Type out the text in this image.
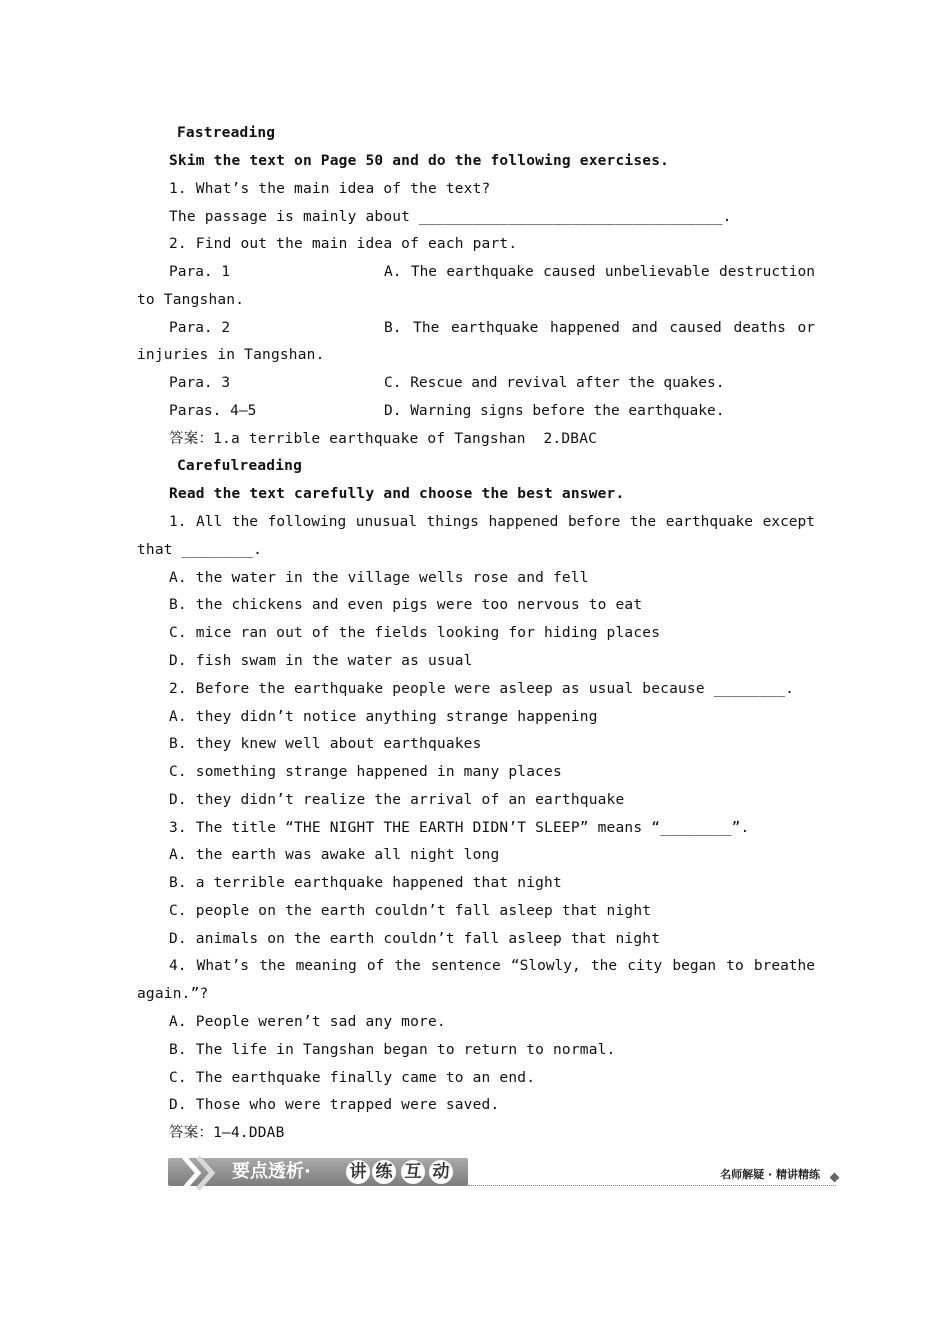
Fastreading
Skim the text on Page 50 and do the following exercises.
1. What’s the main idea of the text?
The passage is mainly about __________________________________.
2. Find out the main idea of each part.
Para. 1	A. The earthquake caused unbelievable destruction
to Tangshan.
Para. 2	B. The earthquake happened and caused deaths or
injuries in Tangshan.
Para. 3	C. Rescue and revival after the quakes.
Paras. 4—5	D. Warning signs before the earthquake.
答案：1.a terrible earthquake of Tangshan  2.DBAC
Carefulreading
Read the text carefully and choose the best answer.
1. All the following unusual things happened before the earthquake except
that ________.
A. the water in the village wells rose and fell
B. the chickens and even pigs were too nervous to eat
C. mice ran out of the fields looking for hiding places
D. fish swam in the water as usual
2. Before the earthquake people were asleep as usual because ________.
A. they didn’t notice anything strange happening
B. they knew well about earthquakes
C. something strange happened in many places
D. they didn’t realize the arrival of an earthquake
3. The title “THE NIGHT THE EARTH DIDN’T SLEEP” means “________”.
A. the earth was awake all night long
B. a terrible earthquake happened that night
C. people on the earth couldn’t fall asleep that night
D. animals on the earth couldn’t fall asleep that night
4. What’s the meaning of the sentence “Slowly, the city began to breathe
again.”?
A. People weren’t sad any more.
B. The life in Tangshan began to return to normal.
C. The earthquake finally came to an end.
D. Those who were trapped were saved.
答案：1—4.DDAB
要点透析· 讲 练 互 动	名师解疑 · 精讲精练
